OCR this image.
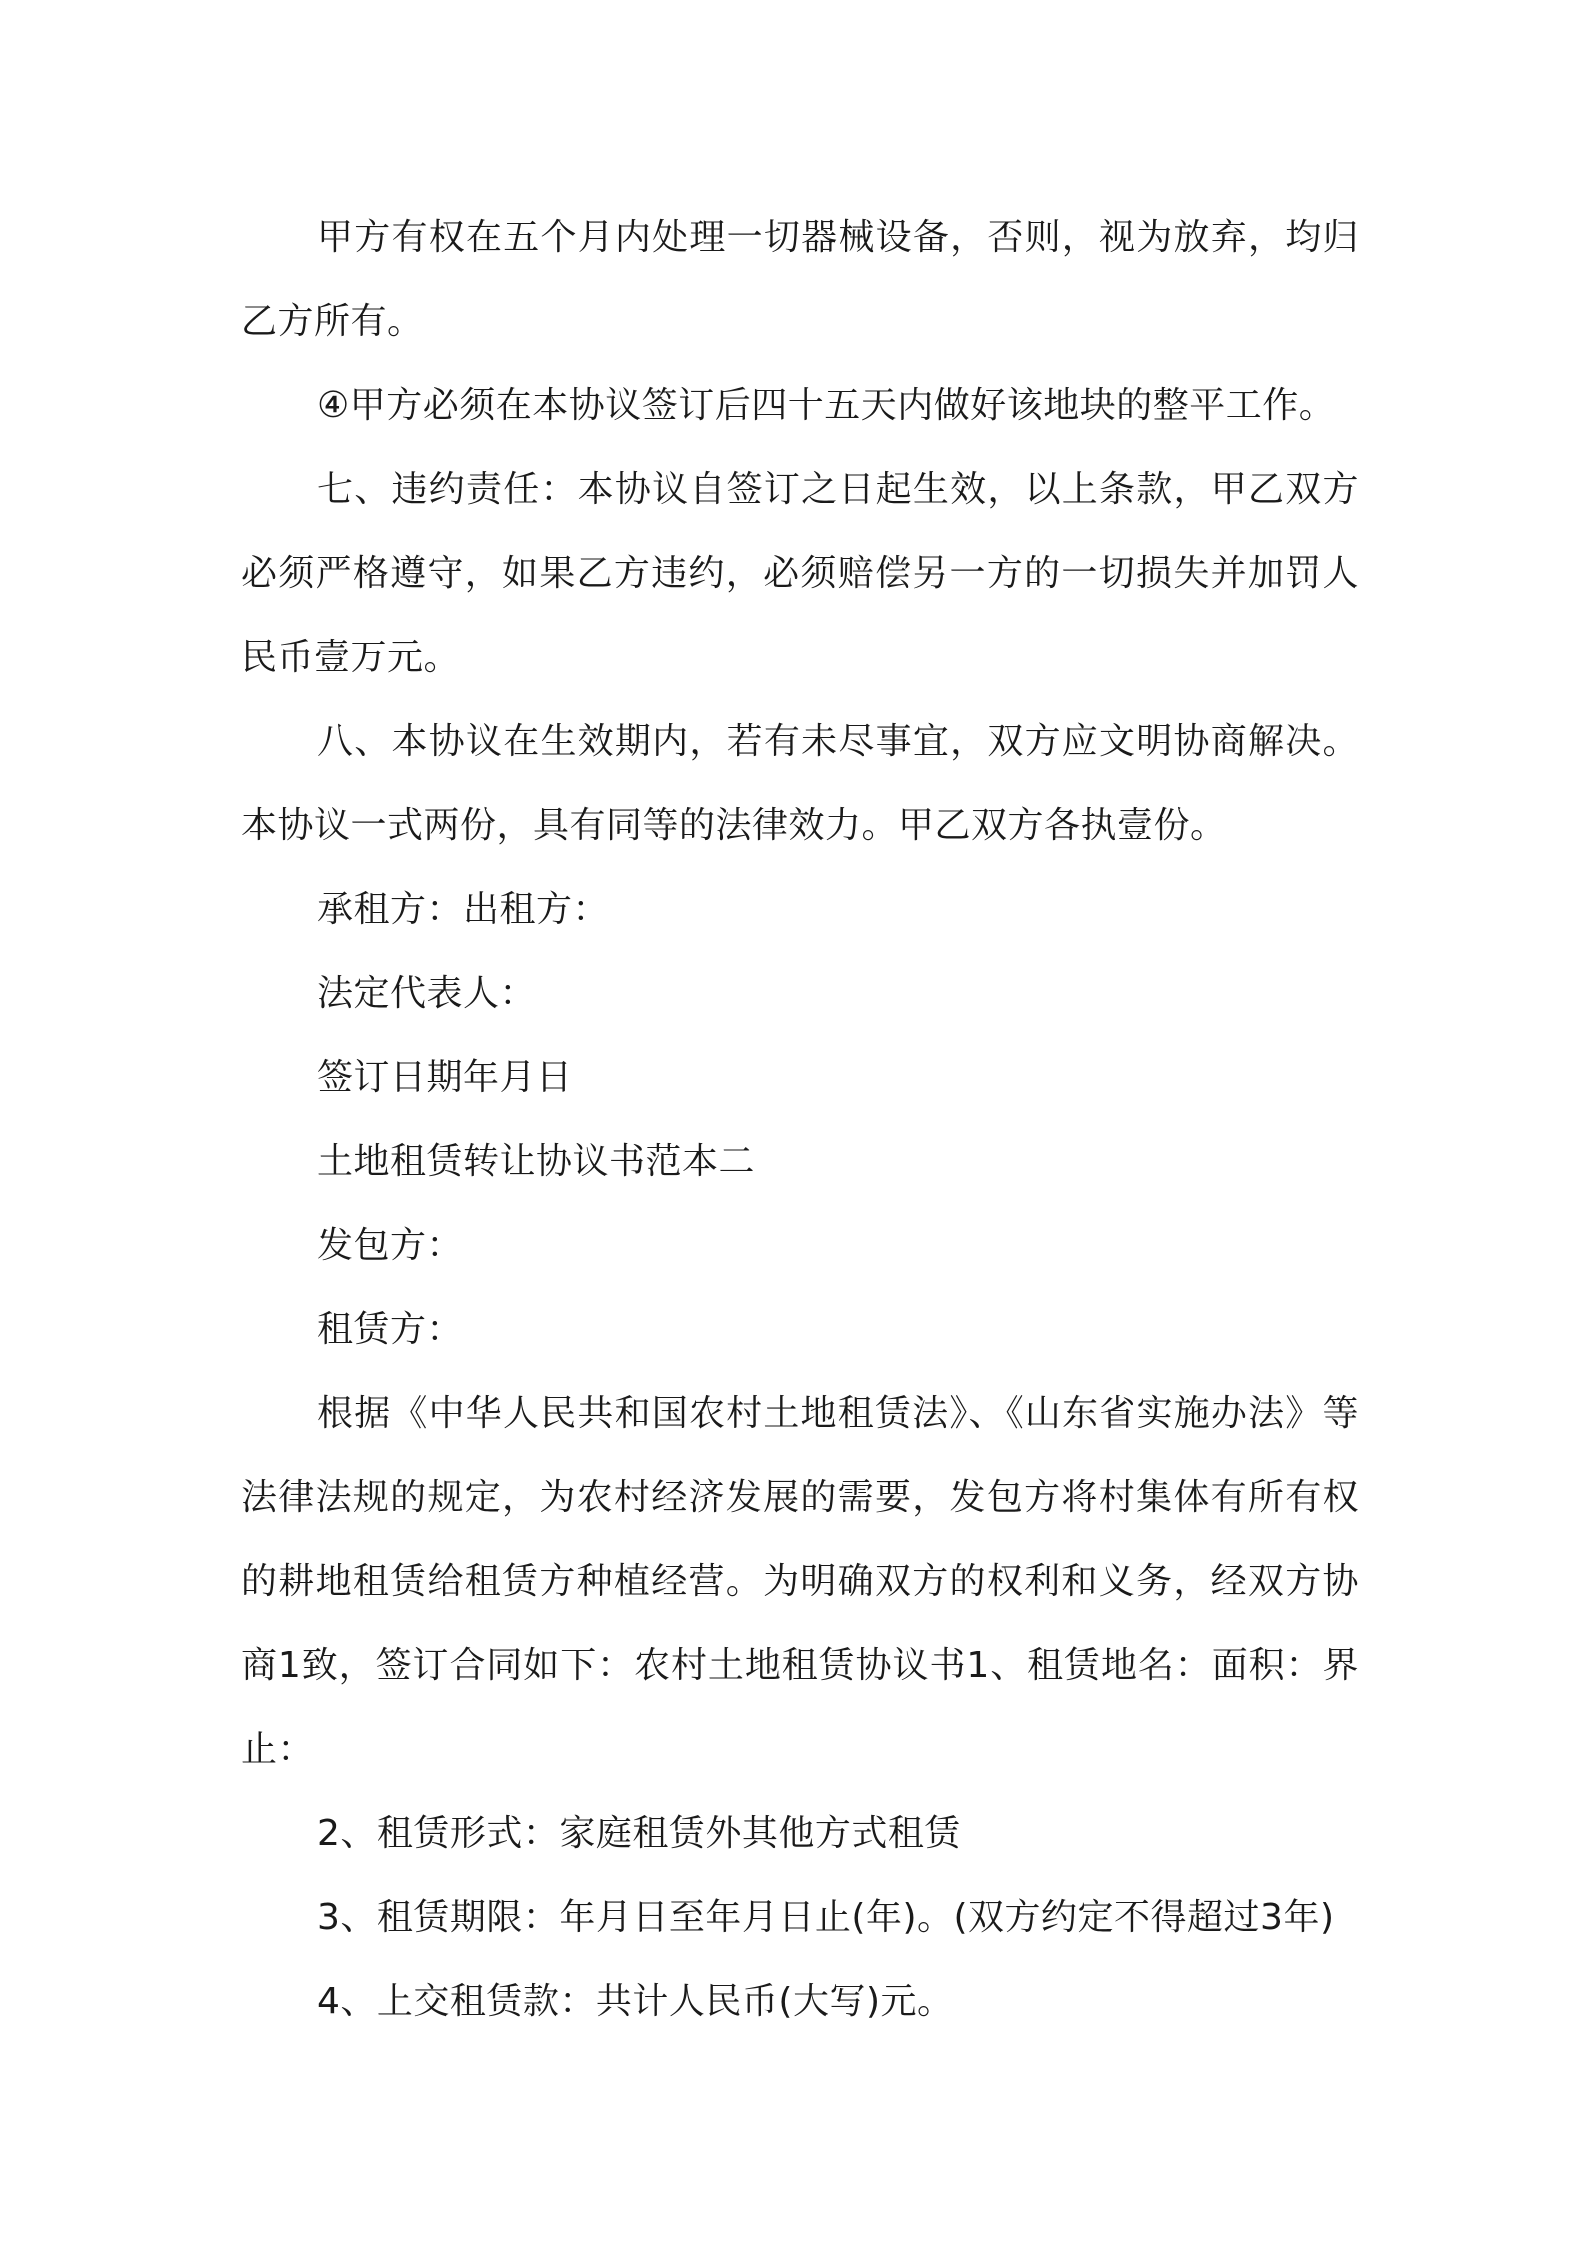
甲方有权在五个月内处理一切器械设备，否则，视为放弃，均归乙方所有。

④甲方必须在本协议签订后四十五天内做好该地块的整平工作。

七、违约责任：本协议自签订之日起生效，以上条款，甲乙双方必须严格遵守，如果乙方违约，必须赔偿另一方的一切损失并加罚人民币壹万元。

八、本协议在生效期内，若有未尽事宜，双方应文明协商解决。本协议一式两份，具有同等的法律效力。甲乙双方各执壹份。

承租方：出租方：

法定代表人：

签订日期年月日

土地租赁转让协议书范本二

发包方：

租赁方：

根据《中华人民共和国农村土地租赁法》、《山东省实施办法》等法律法规的规定，为农村经济发展的需要，发包方将村集体有所有权的耕地租赁给租赁方种植经营。为明确双方的权利和义务，经双方协商1致，签订合同如下：农村土地租赁协议书1、租赁地名：面积：界止：

2、租赁形式：家庭租赁外其他方式租赁

3、租赁期限：年月日至年月日止(年)。(双方约定不得超过3年)

4、上交租赁款：共计人民币(大写)元。
